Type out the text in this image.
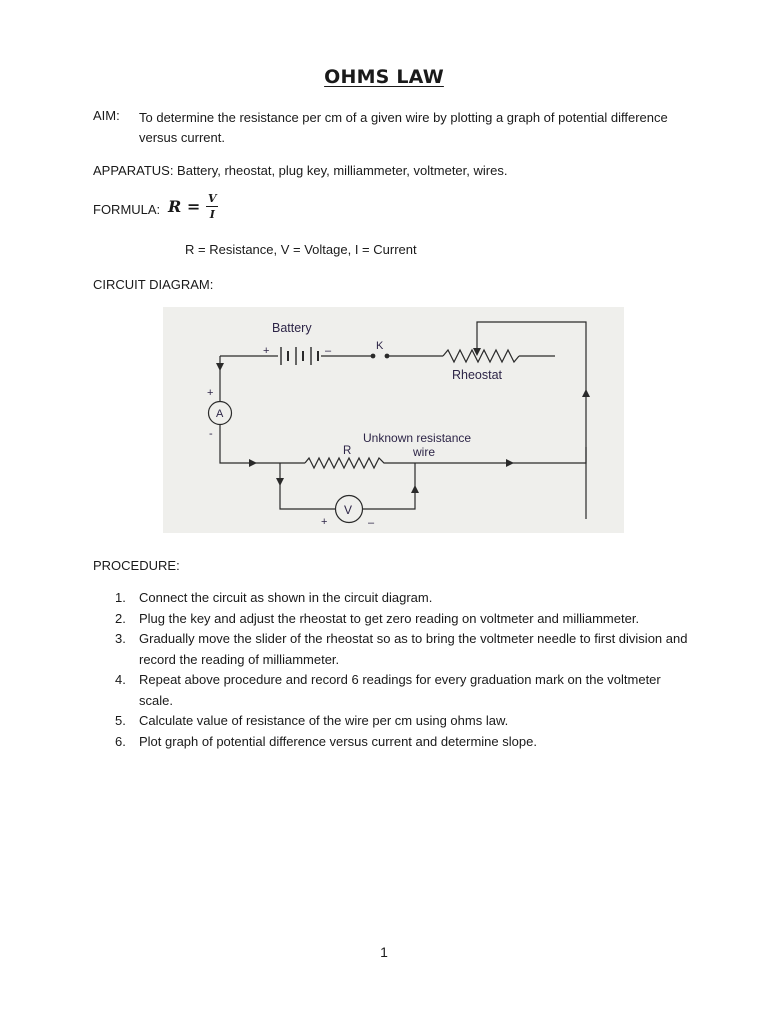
OHMS LAW
AIM: To determine the resistance per cm of a given wire by plotting a graph of potential difference versus current.
APPARATUS: Battery, rheostat, plug key, milliammeter, voltmeter, wires.
FORMULA: $R = \frac{V}{I}$
R = Resistance, V = Voltage, I = Current
CIRCUIT DIAGRAM:
Battery
+	–	K
Rheostat
A
+
-
R
Unknown resistance
wire
V
+	–
PROCEDURE:
1. Connect the circuit as shown in the circuit diagram.
2. Plug the key and adjust the rheostat to get zero reading on voltmeter and milliammeter.
3. Gradually move the slider of the rheostat so as to bring the voltmeter needle to first division and record the reading of milliammeter.
4. Repeat above procedure and record 6 readings for every graduation mark on the voltmeter scale.
5. Calculate value of resistance of the wire per cm using ohms law.
6. Plot graph of potential difference versus current and determine slope.
1
